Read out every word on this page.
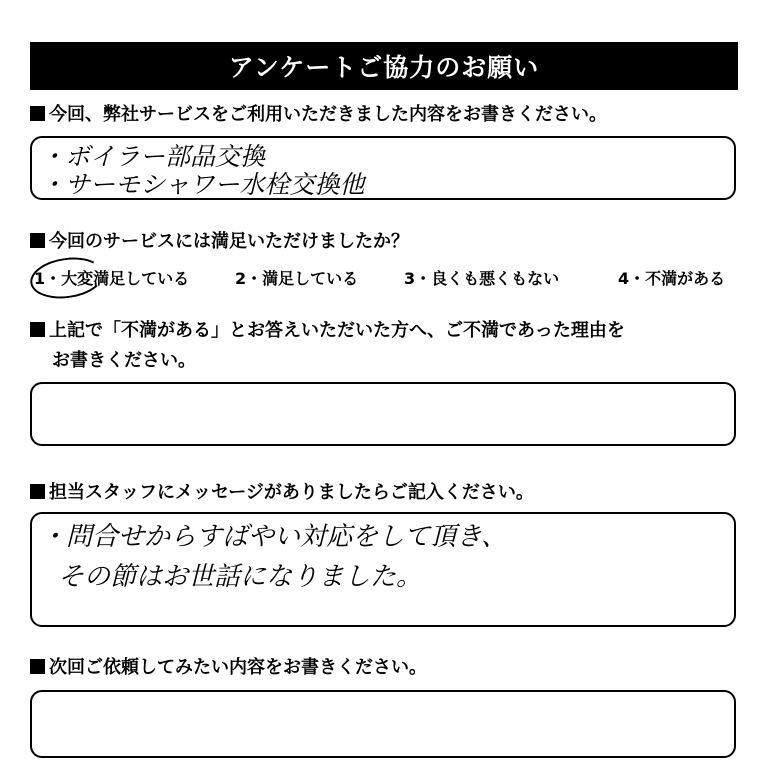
アンケートご協力のお願い
今回、弊社サービスをご利用いただきました内容をお書きください。
・ボイラー部品交換
・サーモシャワー水栓交換他
今回のサービスには満足いただけましたか？
1・大変満足している	2・満足している	3・良くも悪くもない	4・不満がある
上記で「不満がある」とお答えいただいた方へ、ご不満であった理由を
お書きください。
担当スタッフにメッセージがありましたらご記入ください。
・問合せからすばやい対応をして頂き、
その節はお世話になりました。
次回ご依頼してみたい内容をお書きください。
